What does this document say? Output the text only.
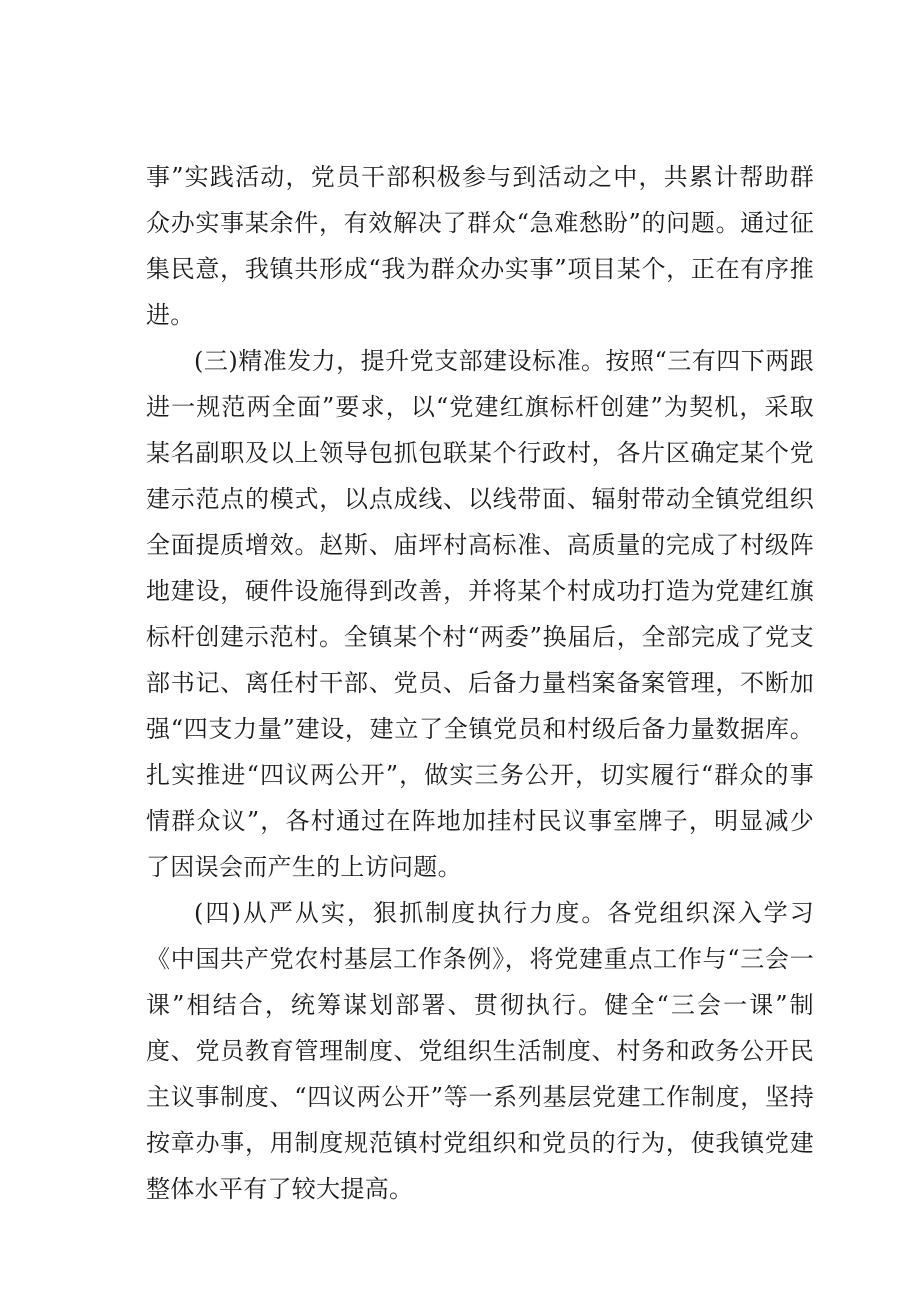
事”实践活动，党员干部积极参与到活动之中，共累计帮助群众办实事某余件，有效解决了群众“急难愁盼”的问题。通过征集民意，我镇共形成“我为群众办实事”项目某个，正在有序推进。

(三)精准发力，提升党支部建设标准。按照“三有四下两跟进一规范两全面”要求，以“党建红旗标杆创建”为契机，采取某名副职及以上领导包抓包联某个行政村，各片区确定某个党建示范点的模式，以点成线、以线带面、辐射带动全镇党组织全面提质增效。赵斯、庙坪村高标准、高质量的完成了村级阵地建设，硬件设施得到改善，并将某个村成功打造为党建红旗标杆创建示范村。全镇某个村“两委”换届后，全部完成了党支部书记、离任村干部、党员、后备力量档案备案管理，不断加强“四支力量”建设，建立了全镇党员和村级后备力量数据库。扎实推进“四议两公开”，做实三务公开，切实履行“群众的事情群众议”，各村通过在阵地加挂村民议事室牌子，明显减少了因误会而产生的上访问题。

(四)从严从实，狠抓制度执行力度。各党组织深入学习《中国共产党农村基层工作条例》，将党建重点工作与“三会一课”相结合，统筹谋划部署、贯彻执行。健全“三会一课”制度、党员教育管理制度、党组织生活制度、村务和政务公开民主议事制度、“四议两公开”等一系列基层党建工作制度，坚持按章办事，用制度规范镇村党组织和党员的行为，使我镇党建整体水平有了较大提高。
